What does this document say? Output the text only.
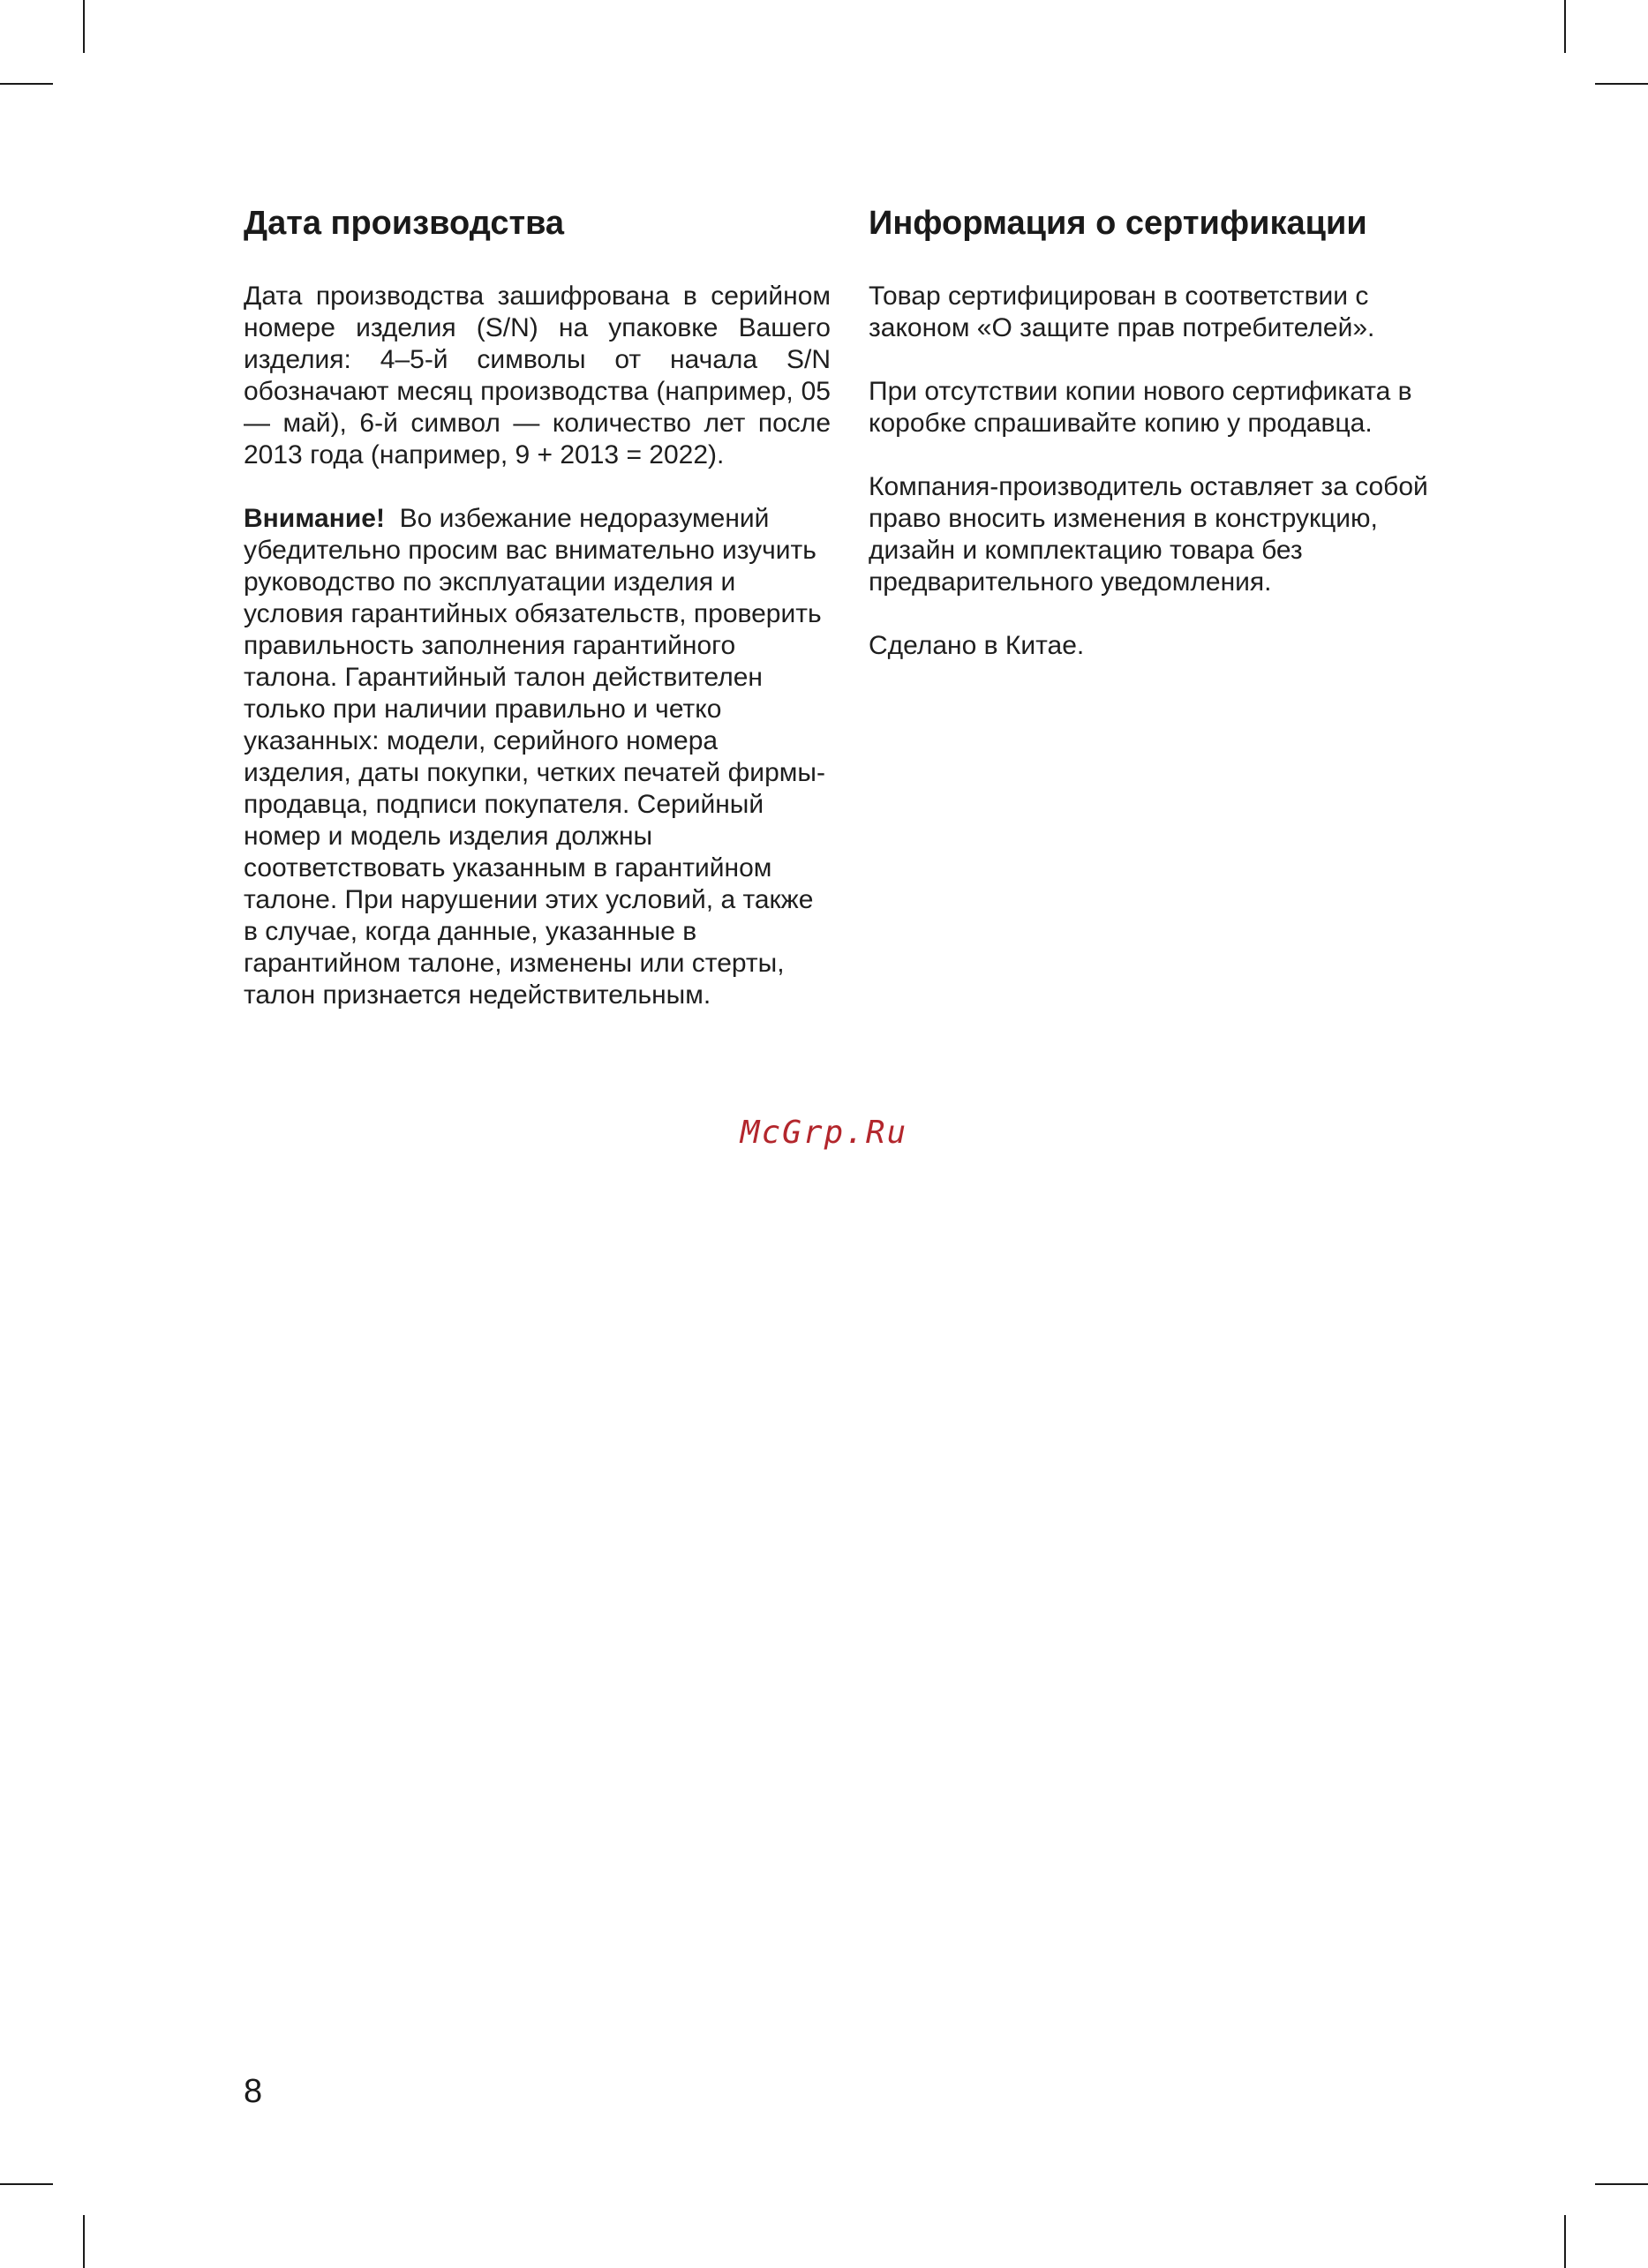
Дата производства

Дата производства зашифрована в серийном номере изделия (S/N) на упаковке Вашего изделия: 4–5-й символы от начала S/N обозначают месяц производства (например, 05 — май), 6-й символ — количество лет после 2013 года (например, 9 + 2013 = 2022).

Внимание! Во избежание недоразумений убедительно просим вас внимательно изучить руководство по эксплуатации изделия и условия гарантийных обязательств, проверить правильность заполнения гарантийного талона. Гарантийный талон действителен только при наличии правильно и четко указанных: модели, серийного номера изделия, даты покупки, четких печатей фирмы-продавца, подписи покупателя. Серийный номер и модель изделия должны соответствовать указанным в гарантийном талоне. При нарушении этих условий, а также в случае, когда данные, указанные в гарантийном талоне, изменены или стерты, талон признается недействительным.

Информация о сертификации

Товар сертифицирован в соответствии с законом «О защите прав потребителей».

При отсутствии копии нового сертификата в коробке спрашивайте копию у продавца.

Компания-производитель оставляет за собой право вносить изменения в конструкцию, дизайн и комплектацию товара без предварительного уведомления.

Сделано в Китае.

McGrp.Ru
8
